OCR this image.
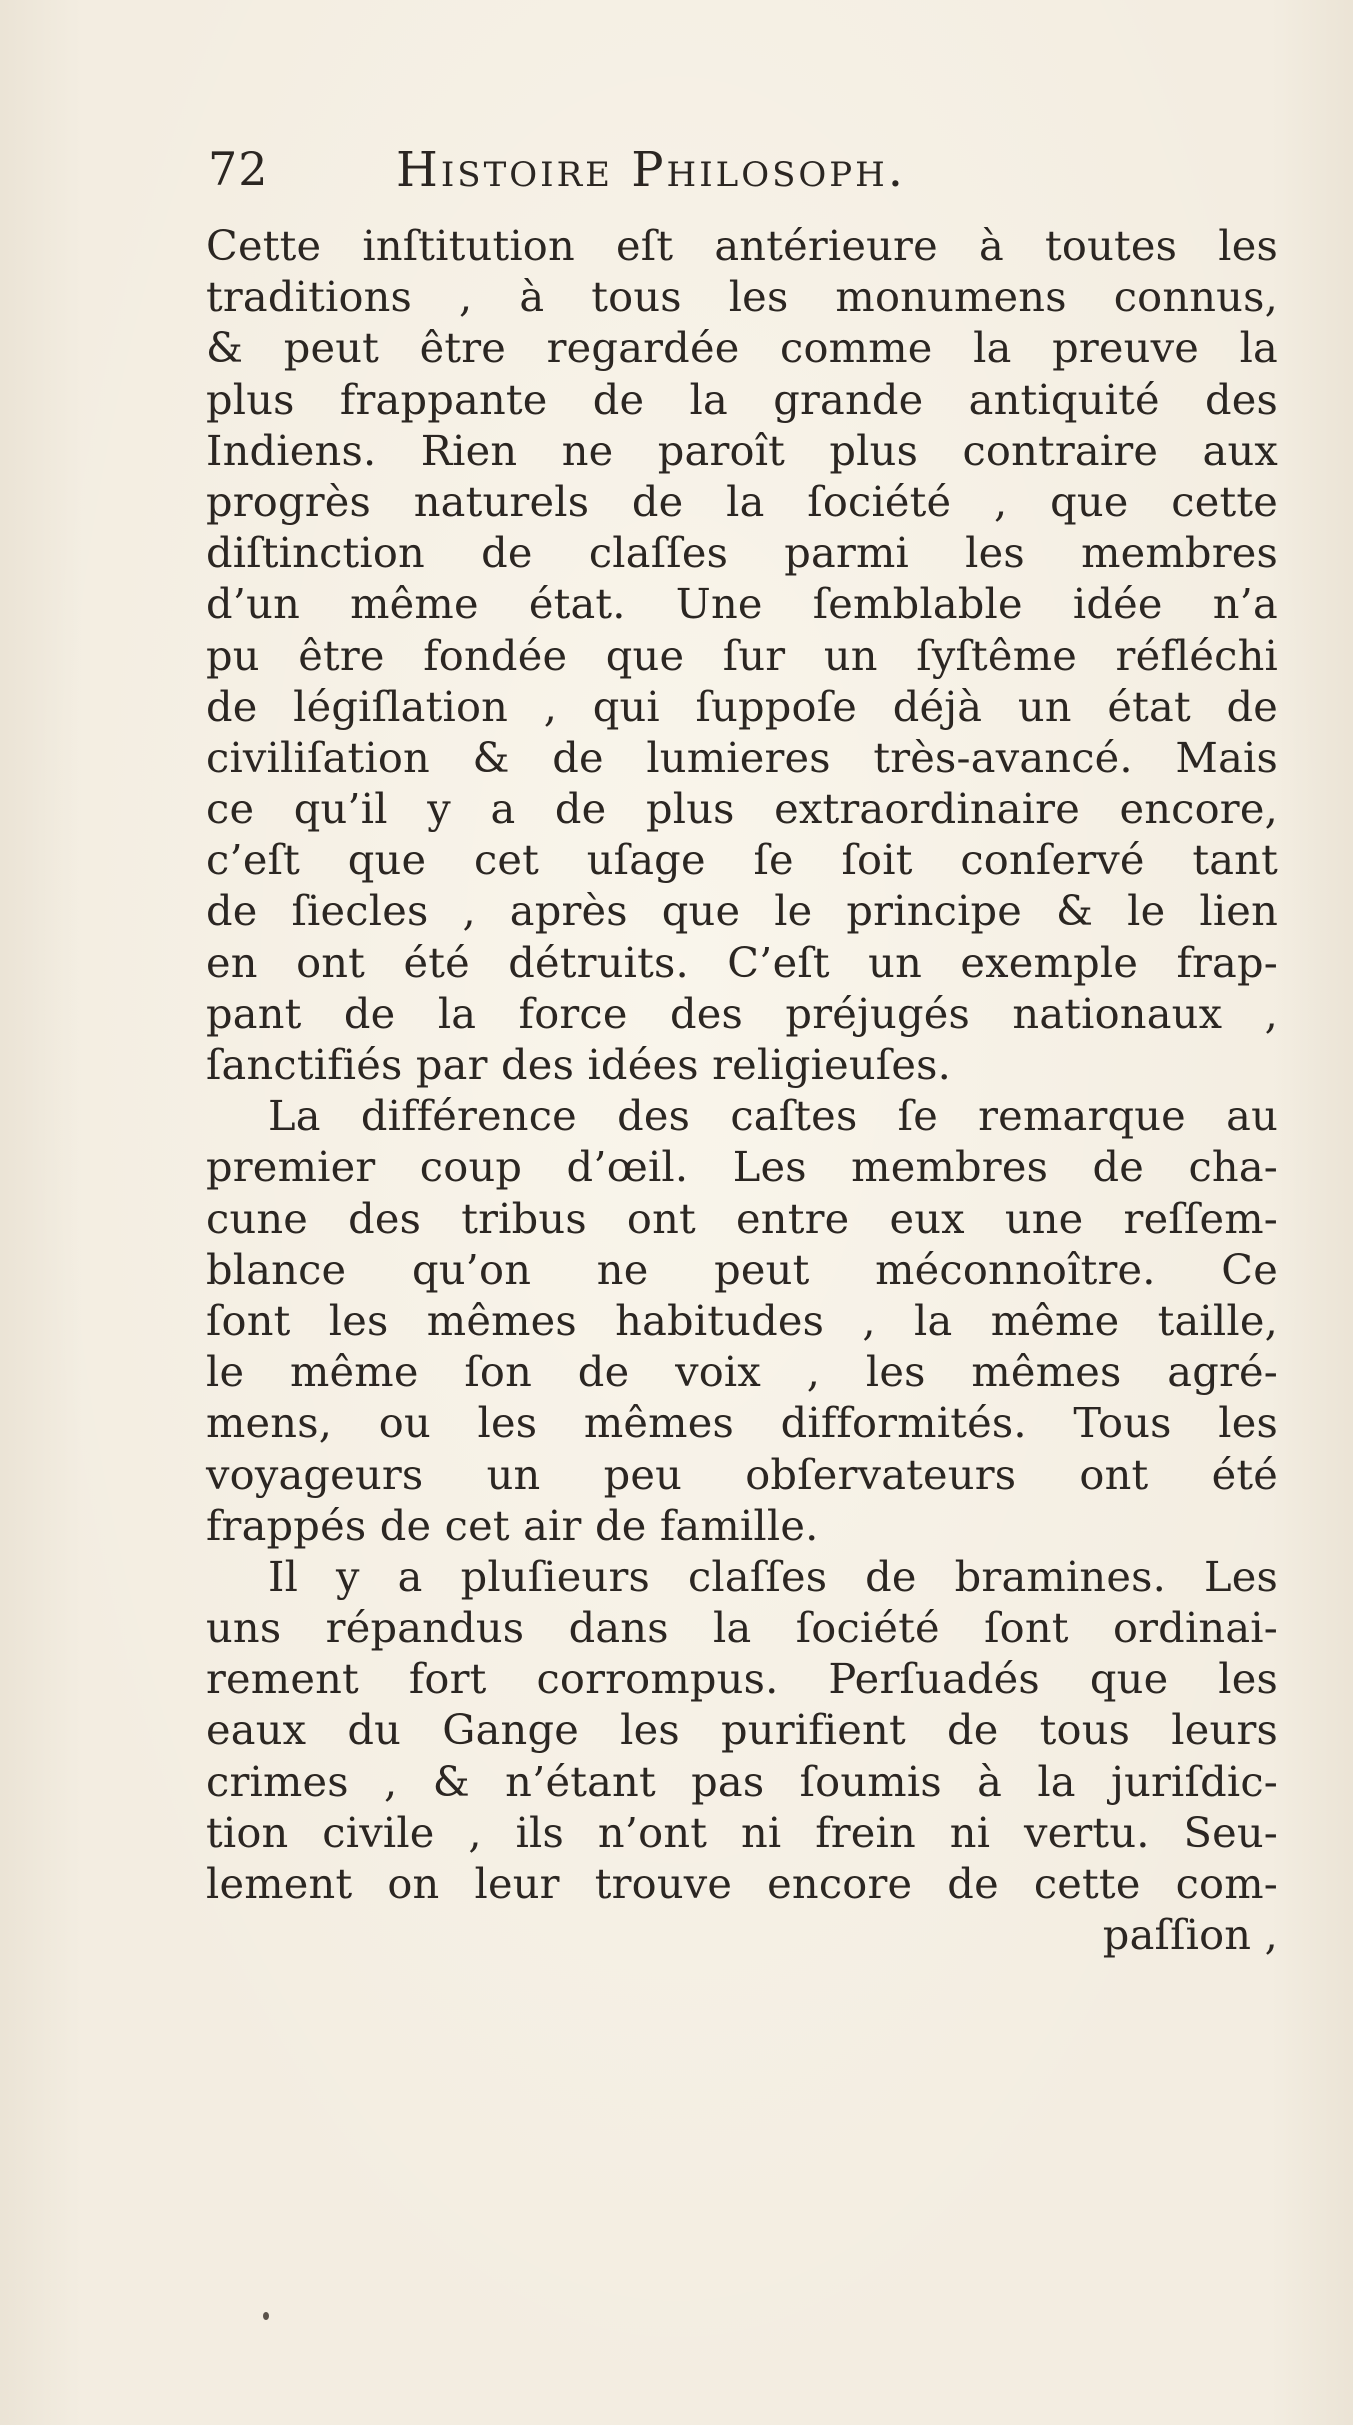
72	Histoire Philosoph.
Cette inſtitution eſt antérieure à toutes les
traditions , à tous les monumens connus,
& peut être regardée comme la preuve la
plus frappante de la grande antiquité des
Indiens. Rien ne paroît plus contraire aux
progrès naturels de la ſociété , que cette
diſtinction de claſſes parmi les membres
d’un même état. Une ſemblable idée n’a
pu être fondée que ſur un ſyſtême réfléchi
de légiſlation , qui ſuppoſe déjà un état de
civiliſation & de lumieres très-avancé. Mais
ce qu’il y a de plus extraordinaire encore,
c’eſt que cet uſage ſe ſoit conſervé tant
de ſiecles , après que le principe & le lien
en ont été détruits. C’eſt un exemple frap-
pant de la force des préjugés nationaux ,
ſanctifiés par des idées religieuſes.
La différence des caſtes ſe remarque au
premier coup d’œil. Les membres de cha-
cune des tribus ont entre eux une reſſem-
blance qu’on ne peut méconnoître. Ce
ſont les mêmes habitudes , la même taille,
le même ſon de voix , les mêmes agré-
mens, ou les mêmes difformités. Tous les
voyageurs un peu obſervateurs ont été
frappés de cet air de famille.
Il y a pluſieurs claſſes de bramines. Les
uns répandus dans la ſociété ſont ordinai-
rement fort corrompus. Perſuadés que les
eaux du Gange les purifient de tous leurs
crimes , & n’étant pas ſoumis à la juriſdic-
tion civile , ils n’ont ni frein ni vertu. Seu-
lement on leur trouve encore de cette com-
paſſion ,
